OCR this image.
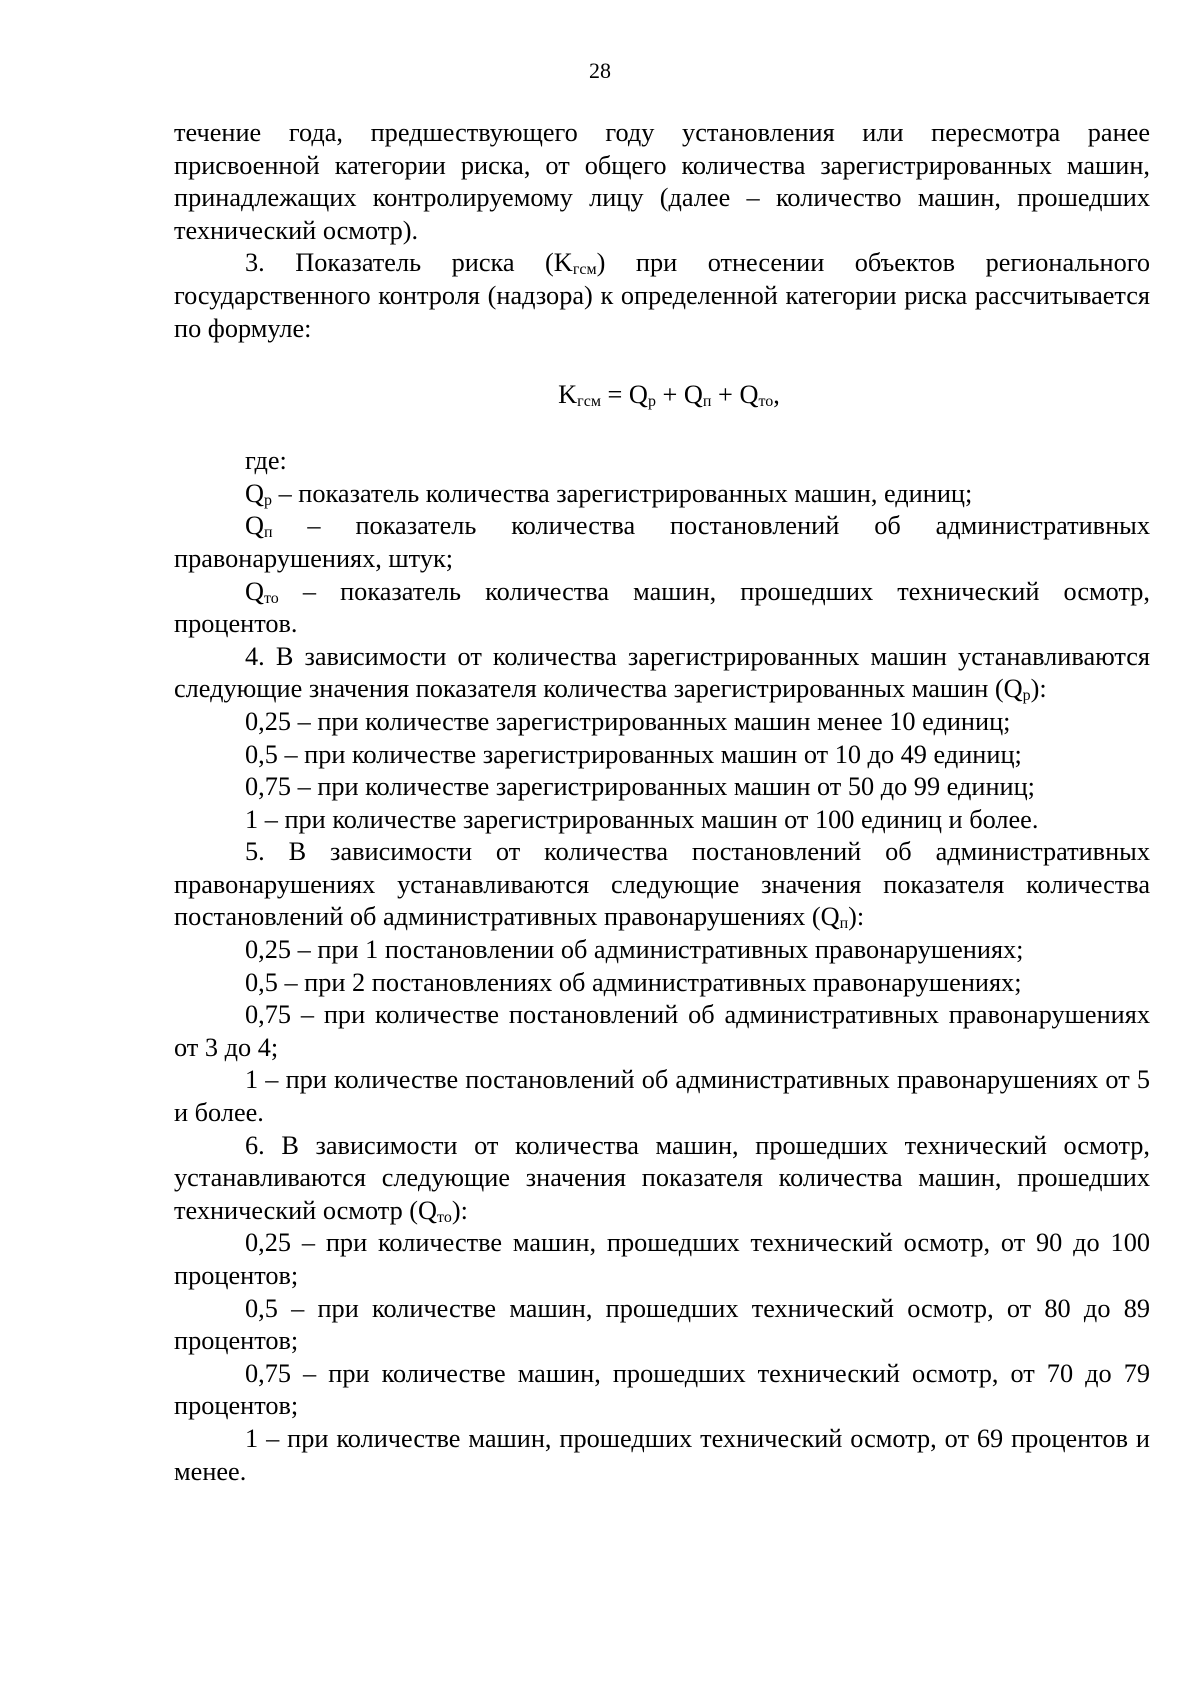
28

течение года, предшествующего году установления или пересмотра ранее присвоенной категории риска, от общего количества зарегистрированных машин, принадлежащих контролируемому лицу (далее – количество машин, прошедших технический осмотр).

3. Показатель риска (Kгсм) при отнесении объектов регионального государственного контроля (надзора) к определенной категории риска рассчитывается по формуле:

Kгсм = Qр + Qп + Qто,

где:

Qр – показатель количества зарегистрированных машин, единиц;

Qп – показатель количества постановлений об административных правонарушениях, штук;

Qто – показатель количества машин, прошедших технический осмотр, процентов.

4. В зависимости от количества зарегистрированных машин устанавливаются следующие значения показателя количества зарегистрированных машин (Qр):

0,25 – при количестве зарегистрированных машин менее 10 единиц;

0,5 – при количестве зарегистрированных машин от 10 до 49 единиц;

0,75 – при количестве зарегистрированных машин от 50 до 99 единиц;

1 – при количестве зарегистрированных машин от 100 единиц и более.

5. В зависимости от количества постановлений об административных правонарушениях устанавливаются следующие значения показателя количества постановлений об административных правонарушениях (Qп):

0,25 – при 1 постановлении об административных правонарушениях;

0,5 – при 2 постановлениях об административных правонарушениях;

0,75 – при количестве постановлений об административных правонарушениях от 3 до 4;

1 – при количестве постановлений об административных правонарушениях от 5 и более.

6. В зависимости от количества машин, прошедших технический осмотр, устанавливаются следующие значения показателя количества машин, прошедших технический осмотр (Qто):

0,25 – при количестве машин, прошедших технический осмотр, от 90 до 100 процентов;

0,5 – при количестве машин, прошедших технический осмотр, от 80 до 89 процентов;

0,75 – при количестве машин, прошедших технический осмотр, от 70 до 79 процентов;

1 – при количестве машин, прошедших технический осмотр, от 69 процентов и менее.
